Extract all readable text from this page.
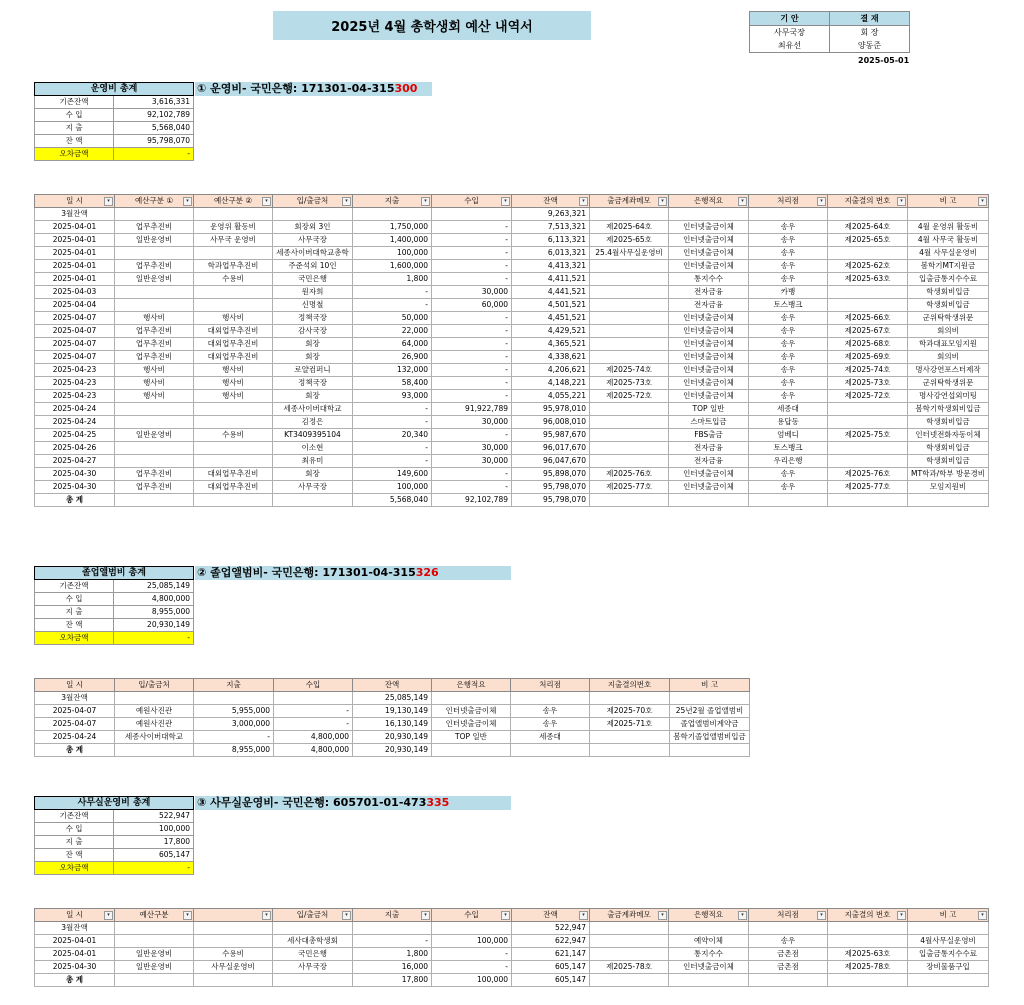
2025년 4월 총학생회 예산 내역서
기 안	결 재
사무국장	회 장
최유선	양동준
2025-05-01
운영비 총계	
기존잔액	3,616,331
수 입	92,102,789
지 출	5,568,040
잔 액	95,798,070
오차금액	-
① 운영비- 국민은행: 171301-04-315300
일 시 ▾	예산구분 ① ▾	예산구분 ② ▾	입/출금처 ▾	지출 ▾	수입 ▾	잔액 ▾	출금계좌메모 ▾	은행적요 ▾	처리점 ▾	지출결의 번호 ▾	비 고 ▾

3월잔액						9,263,321					
2025-04-01	업무추진비	운영위 활동비	회장외 3인	1,750,000	-	7,513,321	제2025-64호	인터넷출금이체	송우	제2025-64호	4월 운영위 활동비
2025-04-01	일반운영비	사무국 운영비	사무국장	1,400,000	-	6,113,321	제2025-65호	인터넷출금이체	송우	제2025-65호	4월 사무국 활동비
2025-04-01			세종사이버대학교총학	100,000	-	6,013,321	25.4월사무실운영비	인터넷출금이체	송우		4월 사무실운영비
2025-04-01	업무추진비	학과업무추진비	주준석외 10인	1,600,000	-	4,413,321		인터넷출금이체	송우	제2025-62호	봄학기MT지원금
2025-04-01	일반운영비	수용비	국민은행	1,800	-	4,411,521		통지수수	송우	제2025-63호	입출금통지수수료
2025-04-03			원자희	-	30,000	4,441,521		전자금융	카뱅		학생회비입금
2025-04-04			신명철	-	60,000	4,501,521		전자금융	토스뱅크		학생회비입금
2025-04-07	행사비	행사비	정책국장	50,000	-	4,451,521		인터넷출금이체	송우	제2025-66호	군위탁학생위문
2025-04-07	업무추진비	대외업무추진비	감사국장	22,000	-	4,429,521		인터넷출금이체	송우	제2025-67호	회의비
2025-04-07	업무추진비	대외업무추진비	회장	64,000	-	4,365,521		인터넷출금이체	송우	제2025-68호	학과대표모임지원
2025-04-07	업무추진비	대외업무추진비	회장	26,900	-	4,338,621		인터넷출금이체	송우	제2025-69호	회의비
2025-04-23	행사비	행사비	로얄컴퍼니	132,000	-	4,206,621	제2025-74호	인터넷출금이체	송우	제2025-74호	명사강연포스터제작
2025-04-23	행사비	행사비	정책국장	58,400	-	4,148,221	제2025-73호	인터넷출금이체	송우	제2025-73호	군위탁학생위문
2025-04-23	행사비	행사비	회장	93,000	-	4,055,221	제2025-72호	인터넷출금이체	송우	제2025-72호	명사강연섭외미팅
2025-04-24			세종사이버대학교	-	91,922,789	95,978,010		TOP 일반	세종대		봄학기학생회비입금
2025-04-24			김정은	-	30,000	96,008,010		스마트입금	용답동		학생회비입금
2025-04-25	일반운영비	수용비	KT3409395104	20,340	-	95,987,670		FBS출금	엄베디	제2025-75호	인터넷전화자동이체
2025-04-26			이소현	-	30,000	96,017,670		전자금융	토스뱅크		학생회비입금
2025-04-27			최유미	-	30,000	96,047,670		전자금융	우리은행		학생회비입금
2025-04-30	업무추진비	대외업무추진비	회장	149,600	-	95,898,070	제2025-76호	인터넷출금이체	송우	제2025-76호	MT학과/학부 방문경비
2025-04-30	업무추진비	대외업무추진비	사무국장	100,000	-	95,798,070	제2025-77호	인터넷출금이체	송우	제2025-77호	모임지원비
총 계				5,568,040	92,102,789	95,798,070					
졸업앨범비 총계	
기존잔액	25,085,149
수 입	4,800,000
지 출	8,955,000
잔 액	20,930,149
오차금액	-
② 졸업앨범비- 국민은행: 171301-04-315326
일 시	입/출금처	지출	수입	잔액	은행적요	처리점	지출결의번호	비 고
3월잔액				25,085,149				
2025-04-07	예원사진관	5,955,000	-	19,130,149	인터넷출금이체	송우	제2025-70호	25년2월 졸업앨범비
2025-04-07	예원사진관	3,000,000	-	16,130,149	인터넷출금이체	송우	제2025-71호	졸업앨범비계약금
2025-04-24	세종사이버대학교	-	4,800,000	20,930,149	TOP 일반	세종대		봄학기졸업앨범비입금
총 계		8,955,000	4,800,000	20,930,149				
사무실운영비 총계	
기존잔액	522,947
수 입	100,000
지 출	17,800
잔 액	605,147
오차금액	-
③ 사무실운영비- 국민은행: 605701-01-473335
일 시 ▾	예산구분 ▾	▾	입/출금처 ▾	지출 ▾	수입 ▾	잔액 ▾	출금계좌메모 ▾	은행적요 ▾	처리점 ▾	지출결의 번호 ▾	비 고 ▾

3월잔액						522,947					
2025-04-01			세사대총학생회	-	100,000	622,947		예약이체	송우		4월사무실운영비
2025-04-01	일반운영비	수용비	국민은행	1,800	-	621,147		통지수수	금촌점	제2025-63호	입출금통지수수료
2025-04-30	일반운영비	사무실운영비	사무국장	16,000	-	605,147	제2025-78호	인터넷출금이체	금촌점	제2025-78호	장비물품구입
총 계				17,800	100,000	605,147					
